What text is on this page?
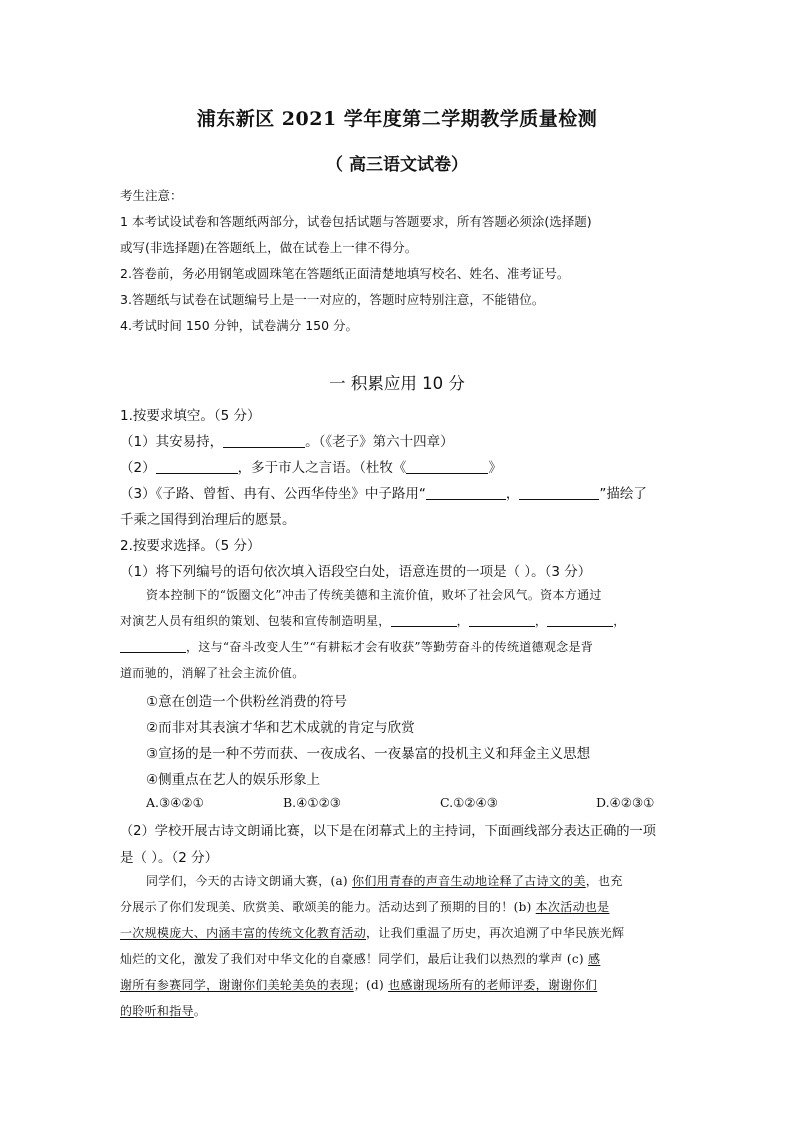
浦东新区 2021 学年度第二学期教学质量检测
（ 高三语文试卷）
考生注意：
1 本考试设试卷和答题纸两部分，试卷包括试题与答题要求，所有答题必须涂(选择题)
或写(非选择题)在答题纸上，做在试卷上一律不得分。
2.答卷前，务必用钢笔或圆珠笔在答题纸正面清楚地填写校名、姓名、准考证号。
3.答题纸与试卷在试题编号上是一一对应的，答题时应特别注意，不能错位。
4.考试时间 150 分钟，试卷满分 150 分。
一 积累应用 10 分
1.按要求填空。（5 分）
（1）其安易持，	。（《老子》第六十四章）
（2）	，多于市人之言语。（杜牧《	》
（3）《子路、曾皙、冉有、公西华侍坐》中子路用“	，	”描绘了
千乘之国得到治理后的愿景。
2.按要求选择。（5 分）
（1）将下列编号的语句依次填入语段空白处，语意连贯的一项是（ ）。（3 分）
资本控制下的“饭圈文化”冲击了传统美德和主流价值，败坏了社会风气。资本方通过
对演艺人员有组织的策划、包装和宣传制造明星，	，	，	，
，这与“奋斗改变人生”“有耕耘才会有收获”等勤劳奋斗的传统道德观念是背
道而驰的，消解了社会主流价值。
①意在创造一个供粉丝消费的符号
②而非对其表演才华和艺术成就的肯定与欣赏
③宣扬的是一种不劳而获、一夜成名、一夜暴富的投机主义和拜金主义思想
④侧重点在艺人的娱乐形象上
A.③④②①	B.④①②③	C.①②④③	D.④②③①
（2）学校开展古诗文朗诵比赛，以下是在闭幕式上的主持词，下面画线部分表达正确的一项
是（ ）。（2 分）
同学们，今天的古诗文朗诵大赛，(a) 你们用青春的声音生动地诠释了古诗文的美，也充
分展示了你们发现美、欣赏美、歌颂美的能力。活动达到了预期的目的！(b) 本次活动也是
一次规模庞大、内涵丰富的传统文化教育活动，让我们重温了历史，再次追溯了中华民族光辉
灿烂的文化，激发了我们对中华文化的自豪感！同学们，最后让我们以热烈的掌声 (c) 感
谢所有参赛同学，谢谢你们美轮美奂的表现；(d) 也感谢现场所有的老师评委，谢谢你们
的聆听和指导。
